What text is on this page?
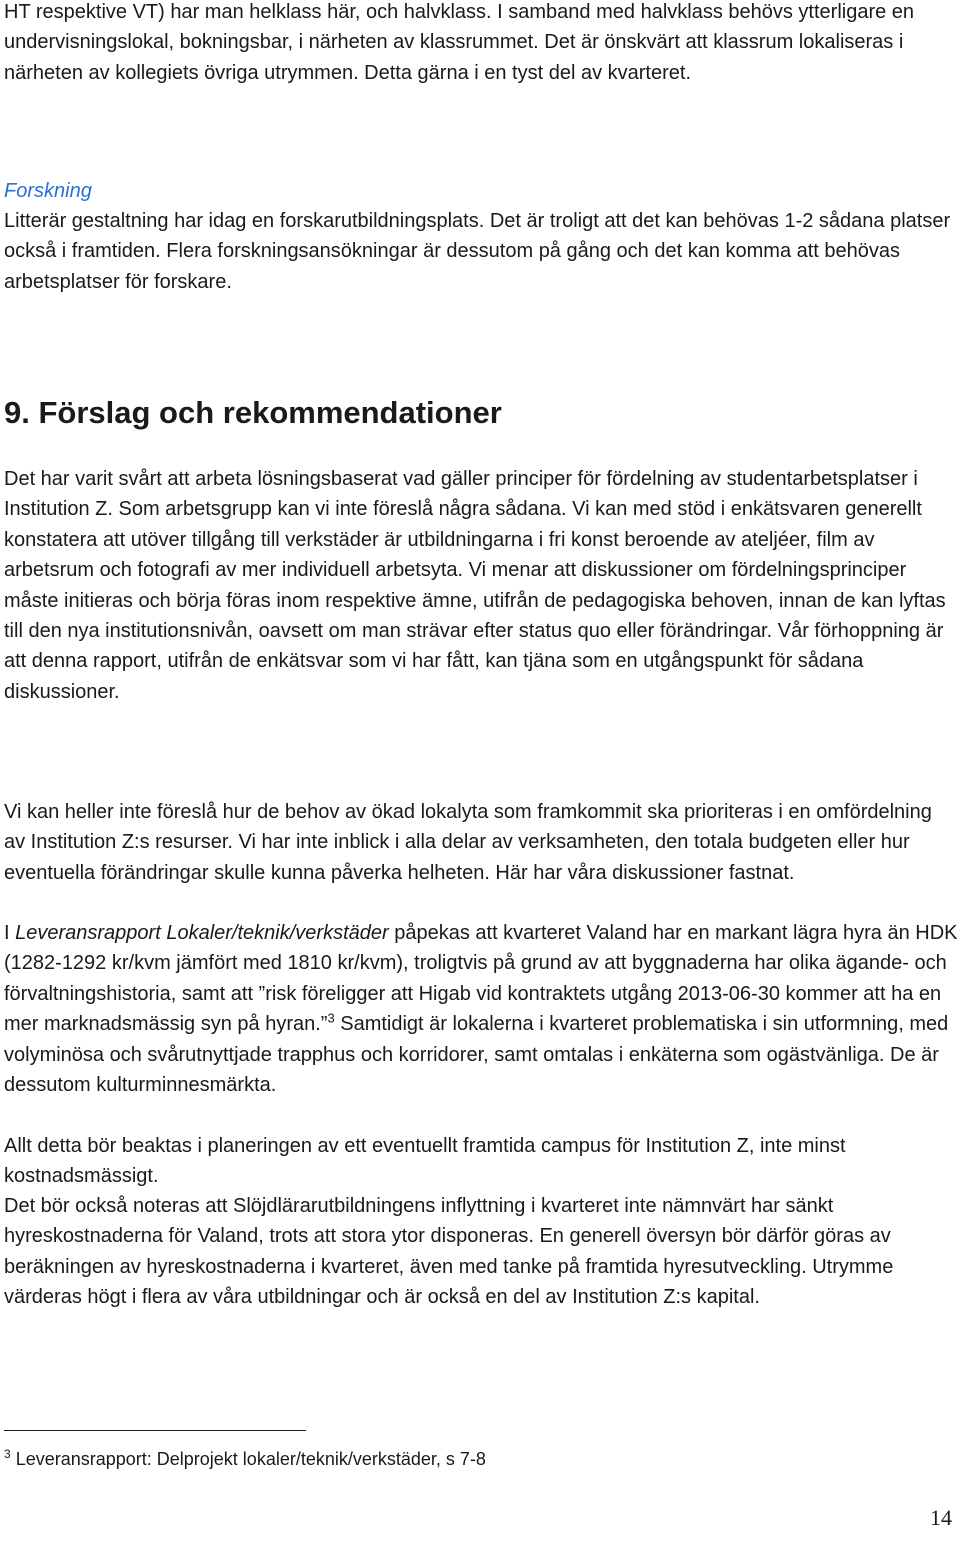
HT respektive VT) har man helklass här, och halvklass. I samband med halvklass behövs ytterligare en undervisningslokal, bokningsbar, i närheten av klassrummet. Det är önskvärt att klassrum lokaliseras i närheten av kollegiets övriga utrymmen. Detta gärna i en tyst del av kvarteret.

Forskning

Litterär gestaltning har idag en forskarutbildningsplats. Det är troligt att det kan behövas 1-2 sådana platser också i framtiden. Flera forskningsansökningar är dessutom på gång och det kan komma att behövas arbetsplatser för forskare.

9. Förslag och rekommendationer

Det har varit svårt att arbeta lösningsbaserat vad gäller principer för fördelning av studentarbetsplatser i Institution Z. Som arbetsgrupp kan vi inte föreslå några sådana. Vi kan med stöd i enkätsvaren generellt konstatera att utöver tillgång till verkstäder är utbildningarna i fri konst beroende av ateljéer, film av arbetsrum och fotografi av mer individuell arbetsyta. Vi menar att diskussioner om fördelningsprinciper måste initieras och börja föras inom respektive ämne, utifrån de pedagogiska behoven, innan de kan lyftas till den nya institutionsnivån, oavsett om man strävar efter status quo eller förändringar. Vår förhoppning är att denna rapport, utifrån de enkätsvar som vi har fått, kan tjäna som en utgångspunkt för sådana diskussioner.

Vi kan heller inte föreslå hur de behov av ökad lokalyta som framkommit ska prioriteras i en omfördelning av Institution Z:s resurser. Vi har inte inblick i alla delar av verksamheten, den totala budgeten eller hur eventuella förändringar skulle kunna påverka helheten. Här har våra diskussioner fastnat.

I Leveransrapport Lokaler/teknik/verkstäder påpekas att kvarteret Valand har en markant lägra hyra än HDK (1282-1292 kr/kvm jämfört med 1810 kr/kvm), troligtvis på grund av att byggnaderna har olika ägande- och förvaltningshistoria, samt att ”risk föreligger att Higab vid kontraktets utgång 2013-06-30 kommer att ha en mer marknadsmässig syn på hyran.”$^3$ Samtidigt är lokalerna i kvarteret problematiska i sin utformning, med volyminösa och svårutnyttjade trapphus och korridorer, samt omtalas i enkäterna som ogästvänliga. De är dessutom kulturminnesmärkta.

Allt detta bör beaktas i planeringen av ett eventuellt framtida campus för Institution Z, inte minst kostnadsmässigt.

Det bör också noteras att Slöjdlärarutbildningens inflyttning i kvarteret inte nämnvärt har sänkt hyreskostnaderna för Valand, trots att stora ytor disponeras. En generell översyn bör därför göras av beräkningen av hyreskostnaderna i kvarteret, även med tanke på framtida hyresutveckling. Utrymme värderas högt i flera av våra utbildningar och är också en del av Institution Z:s kapital.

$^3$ Leveransrapport: Delprojekt lokaler/teknik/verkstäder, s 7-8

14
